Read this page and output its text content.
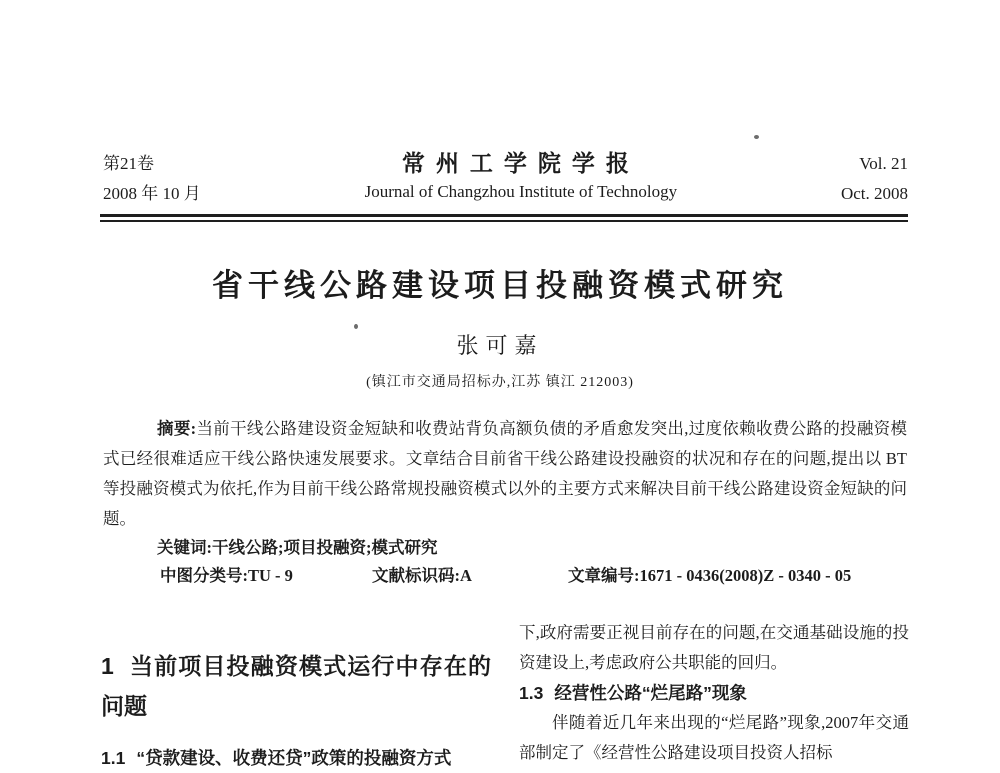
第21卷
2008 年 10 月
常州工学院学报
Journal of Changzhou Institute of Technology
Vol. 21
Oct. 2008
省干线公路建设项目投融资模式研究
张可嘉
(镇江市交通局招标办,江苏 镇江 212003)

摘要:当前干线公路建设资金短缺和收费站背负高额负债的矛盾愈发突出,过度依赖收费公路的投融资模式已经很难适应干线公路快速发展要求。文章结合目前省干线公路建设投融资的状况和存在的问题,提出以 BT 等投融资模式为依托,作为目前干线公路常规投融资模式以外的主要方式来解决目前干线公路建设资金短缺的问题。

关键词:干线公路;项目投融资;模式研究

中图分类号:TU - 9	文献标识码:A	文章编号:1671 - 0436(2008)Z - 0340 - 05
1 当前项目投融资模式运行中存在的问题
1.1 “贷款建设、收费还贷”政策的投融资方式

下,政府需要正视目前存在的问题,在交通基础设施的投资建设上,考虑政府公共职能的回归。

1.3 经营性公路“烂尾路”现象

伴随着近几年来出现的“烂尾路”现象,2007年交通部制定了《经营性公路建设项目投资人招标
